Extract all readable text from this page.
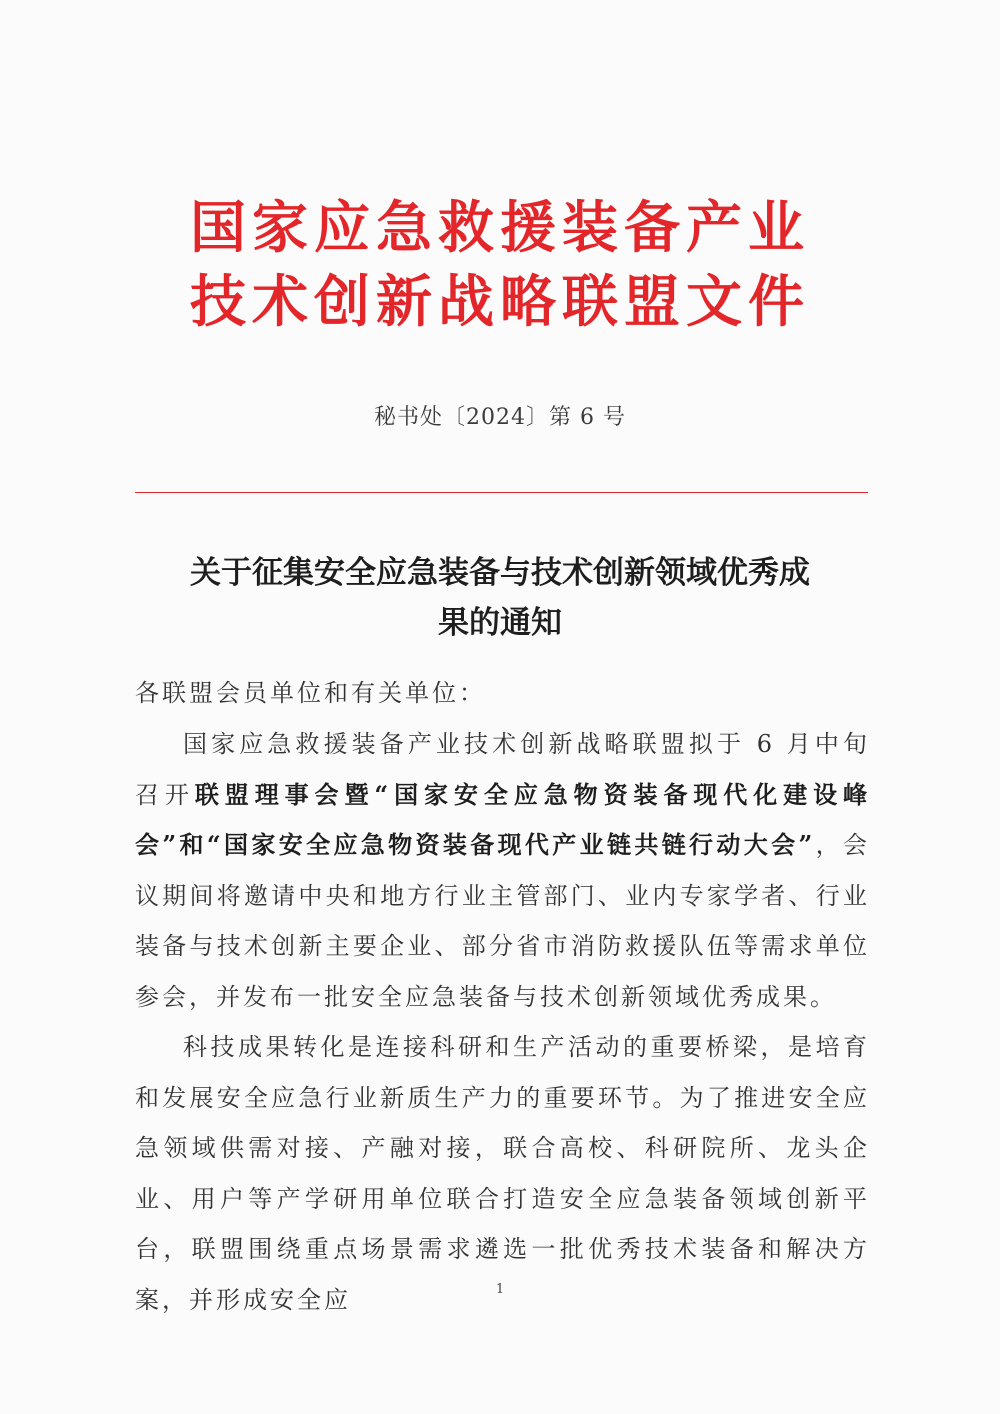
国家应急救援装备产业
技术创新战略联盟文件
秘书处〔2024〕第 6 号
关于征集安全应急装备与技术创新领域优秀成
果的通知
各联盟会员单位和有关单位：
国家应急救援装备产业技术创新战略联盟拟于 6 月中旬召开联盟理事会暨“国家安全应急物资装备现代化建设峰会”和“国家安全应急物资装备现代产业链共链行动大会”，会议期间将邀请中央和地方行业主管部门、业内专家学者、行业装备与技术创新主要企业、部分省市消防救援队伍等需求单位参会，并发布一批安全应急装备与技术创新领域优秀成果。
科技成果转化是连接科研和生产活动的重要桥梁，是培育和发展安全应急行业新质生产力的重要环节。为了推进安全应急领域供需对接、产融对接，联合高校、科研院所、龙头企业、用户等产学研用单位联合打造安全应急装备领域创新平台，联盟围绕重点场景需求遴选一批优秀技术装备和解决方案，并形成安全应	1
